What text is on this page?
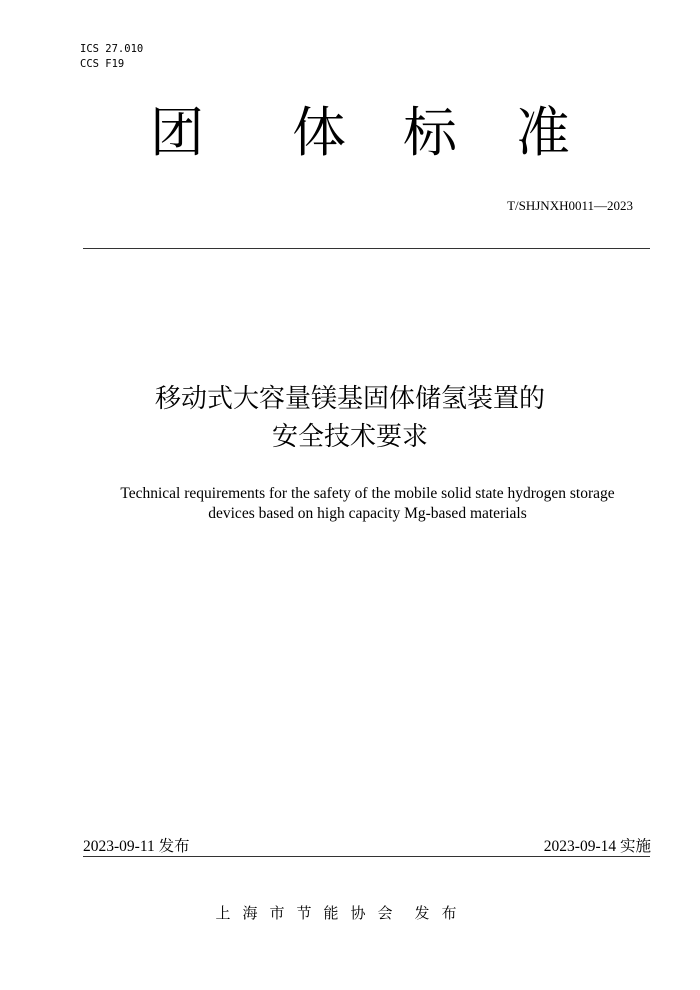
ICS 27.010
CCS F19
团 体 标 准
T/SHJNXH0011—2023
移动式大容量镁基固体储氢装置的
安全技术要求
Technical requirements for the safety of the mobile solid state hydrogen storage
devices based on high capacity Mg-based materials
2023-09-11 发布	2023-09-14 实施
上海市节能协会 发布
